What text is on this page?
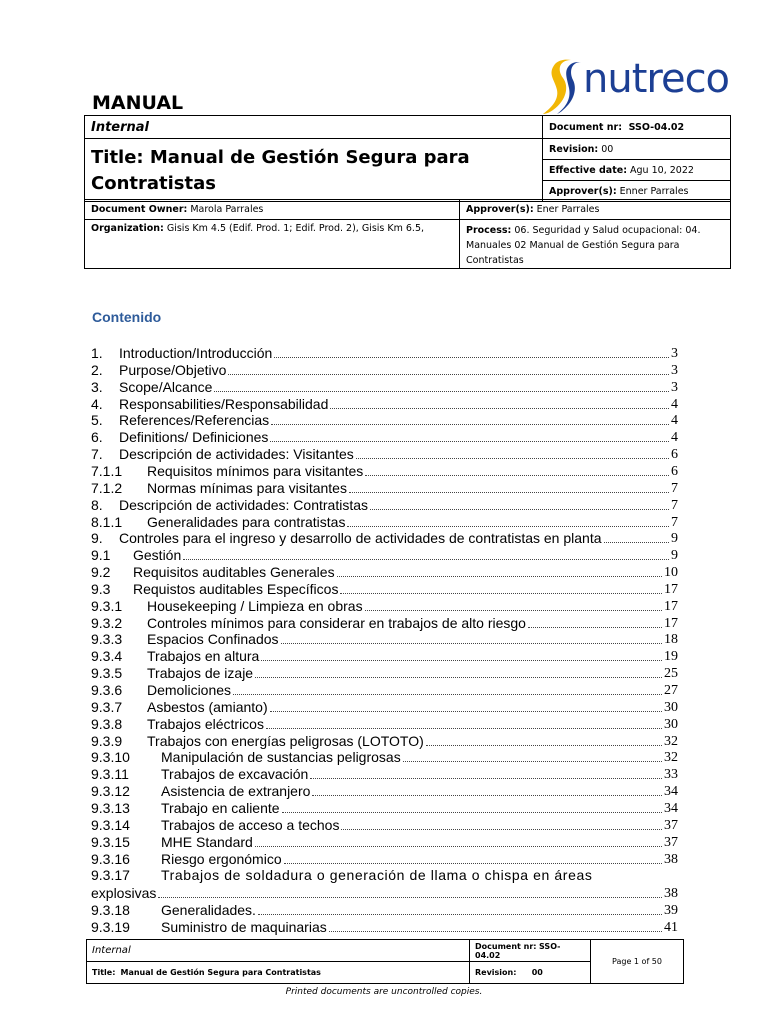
nutreco
MANUAL
Internal	Document nr: SSO-04.02
Title: Manual de Gestión Segura para Contratistas	Revision: 00
	Effective date: Agu 10, 2022
	Approver(s): Enner Parrales
Document Owner: Marola Parrales	Approver(s): Ener Parrales
Organization: Gisis Km 4.5 (Edif. Prod. 1; Edif. Prod. 2), Gisis Km 6.5,	Process: 06. Seguridad y Salud ocupacional: 04. Manuales 02 Manual de Gestión Segura para Contratistas
Contenido
1.	Introduction/Introducción	3
2.	Purpose/Objetivo	3
3.	Scope/Alcance	3
4.	Responsabilities/Responsabilidad	4
5.	References/Referencias	4
6.	Definitions/ Definiciones	4
7.	Descripción de actividades: Visitantes	6
7.1.1	Requisitos mínimos para visitantes	6
7.1.2	Normas mínimas para visitantes	7
8.	Descripción de actividades: Contratistas	7
8.1.1	Generalidades para contratistas	7
9.	Controles para el ingreso y desarrollo de actividades de contratistas en planta	9
9.1	Gestión	9
9.2	Requisitos auditables Generales	10
9.3	Requistos auditables Específicos	17
9.3.1	Housekeeping / Limpieza en obras	17
9.3.2	Controles mínimos para considerar en trabajos de alto riesgo	17
9.3.3	Espacios Confinados	18
9.3.4	Trabajos en altura	19
9.3.5	Trabajos de izaje	25
9.3.6	Demoliciones	27
9.3.7	Asbestos (amianto)	30
9.3.8	Trabajos eléctricos	30
9.3.9	Trabajos con energías peligrosas (LOTOTO)	32
9.3.10	Manipulación de sustancias peligrosas	32
9.3.11	Trabajos de excavación	33
9.3.12	Asistencia de extranjero	34
9.3.13	Trabajo en caliente	34
9.3.14	Trabajos de acceso a techos	37
9.3.15	MHE Standard	37
9.3.16	Riesgo ergonómico	38
9.3.17	Trabajos de soldadura o generación de llama o chispa en áreas
explosivas	38
9.3.18	Generalidades.	39
9.3.19	Suministro de maquinarias	41
Internal	Document nr: SSO-04.02	Page 1 of 50
Title: Manual de Gestión Segura para Contratistas	Revision: 00	
Printed documents are uncontrolled copies.
